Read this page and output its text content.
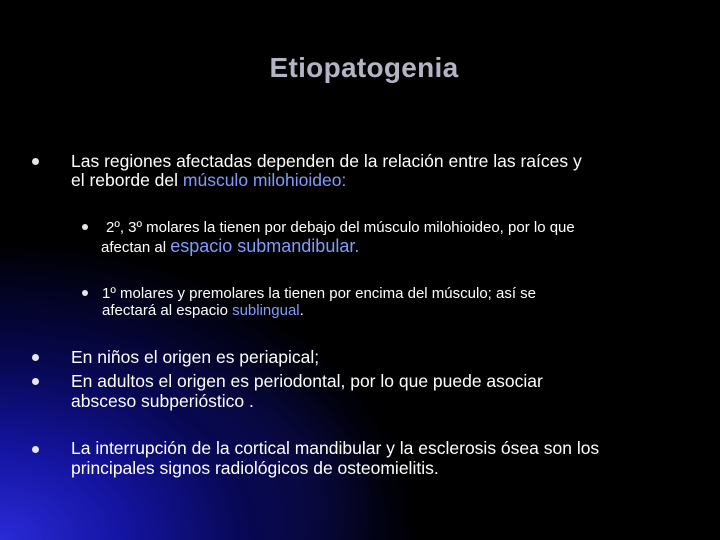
Etiopatogenia
Las regiones afectadas dependen de la relación entre las raíces y
el reborde del músculo milohioideo:
2º, 3º molares la tienen por debajo del músculo milohioideo, por lo que
afectan al espacio submandibular.
1º molares y premolares la tienen por encima del músculo; así se
afectará al espacio sublingual.
En niños el origen es periapical;
En adultos el origen es periodontal, por lo que puede asociar
absceso subperióstico .
La interrupción de la cortical mandibular y la esclerosis ósea son los
principales signos radiológicos de osteomielitis.
